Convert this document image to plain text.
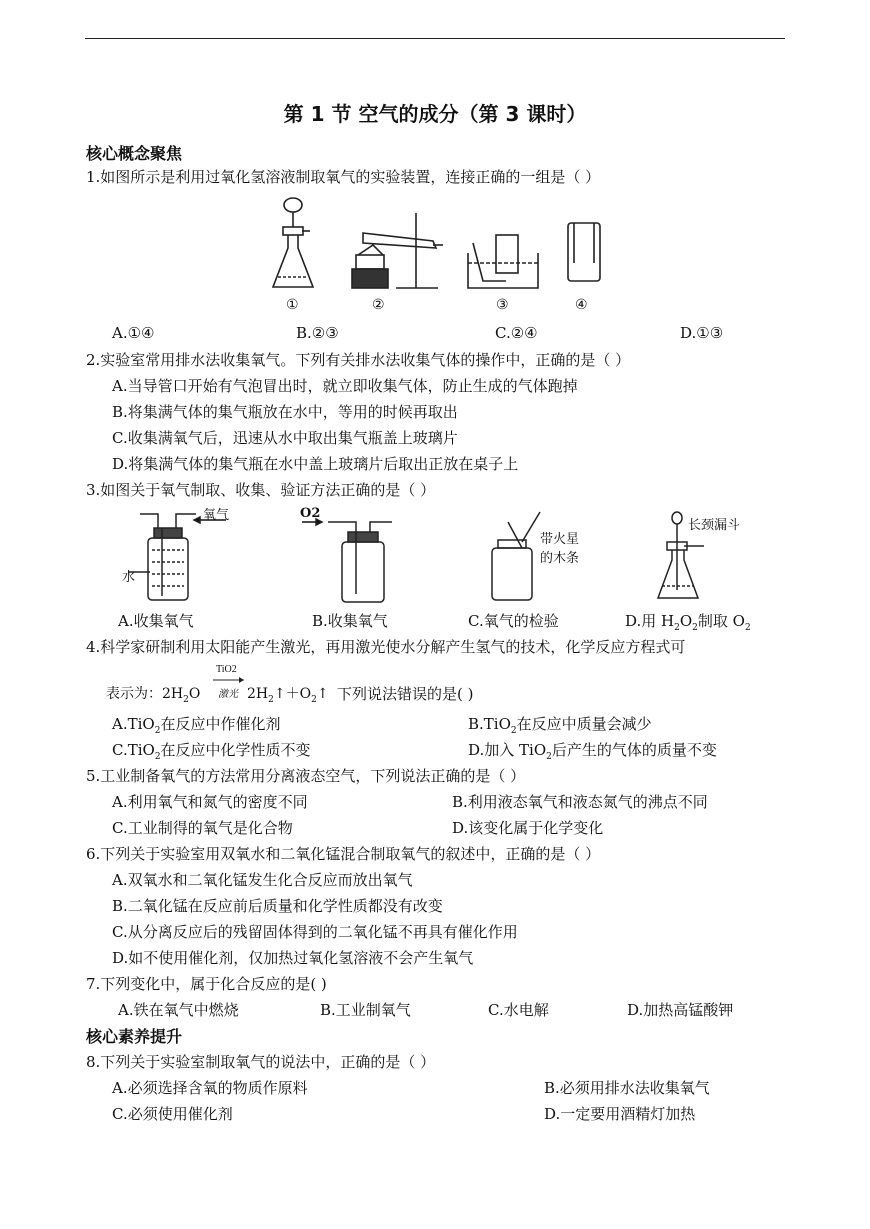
第 1 节 空气的成分（第 3 课时）
核心概念聚焦
1.如图所示是利用过氧化氢溶液制取氧气的实验装置，连接正确的一组是（ ）
①	②	③	④
A.①④	B.②③	C.②④	D.①③
2.实验室常用排水法收集氧气。下列有关排水法收集气体的操作中，正确的是（ ）
A.当导管口开始有气泡冒出时，就立即收集气体，防止生成的气体跑掉
B.将集满气体的集气瓶放在水中，等用的时候再取出
C.收集满氧气后，迅速从水中取出集气瓶盖上玻璃片
D.将集满气体的集气瓶在水中盖上玻璃片后取出正放在桌子上
3.如图关于氧气制取、收集、验证方法正确的是（ ）
氧气
水
O2
带火星
的木条
长颈漏斗
A.收集氧气	B.收集氧气	C.氧气的检验	D.用 $H_2O_2$制取 $O_2$
4.科学家研制利用太阳能产生激光，再用激光使水分解产生氢气的技术，化学反应方程式可
表示为：$2H_2O$
TiO2
激光 $2H_2↑+O_2↑$ 下列说法错误的是( )
A.TiO$_2$在反应中作催化剂	B.TiO$_2$在反应中质量会减少
C.TiO$_2$在反应中化学性质不变	D.加入 TiO$_2$后产生的气体的质量不变
5.工业制备氧气的方法常用分离液态空气，下列说法正确的是（ ）
A.利用氧气和氮气的密度不同	B.利用液态氧气和液态氮气的沸点不同
C.工业制得的氧气是化合物	D.该变化属于化学变化
6.下列关于实验室用双氧水和二氧化锰混合制取氧气的叙述中，正确的是（ ）
A.双氧水和二氧化锰发生化合反应而放出氧气
B.二氧化锰在反应前后质量和化学性质都没有改变
C.从分离反应后的残留固体得到的二氧化锰不再具有催化作用
D.如不使用催化剂，仅加热过氧化氢溶液不会产生氧气
7.下列变化中，属于化合反应的是( )
A.铁在氧气中燃烧	B.工业制氧气	C.水电解	D.加热高锰酸钾
核心素养提升
8.下列关于实验室制取氧气的说法中，正确的是（ ）
A.必须选择含氧的物质作原料	B.必须用排水法收集氧气
C.必须使用催化剂	D.一定要用酒精灯加热
